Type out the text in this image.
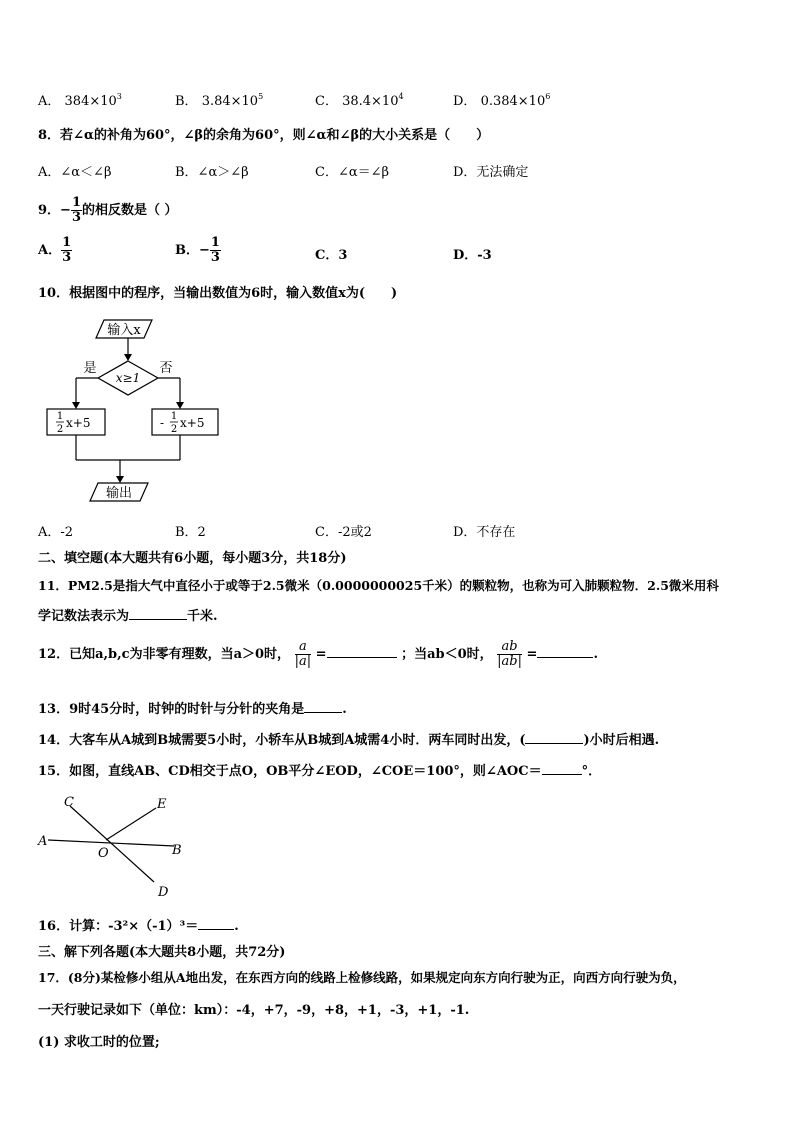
A． $384\times 10^3$	B． $3.84\times 10^5$	C． $38.4\times 10^4$	D． $0.384\times 10^6$
8．若∠α的补角为60°，∠β的余角为60°，则∠α和∠β的大小关系是（　　）
A．∠α＜∠β	B．∠α＞∠β	C．∠α＝∠β	D．无法确定
9．− $\frac{1}{3}$ 的相反数是（ ）
A． $\frac{1}{3}$	B．− $\frac{1}{3}$	C．3	D．-3
10．根据图中的程序，当输出数值为6时，输入数值x为(　　)
输入x
x≥1
是	否
1
2 x+5	- 1
2 x+5
输出
A．-2	B．2	C．-2或2	D．不存在
二、填空题(本大题共有6小题，每小题3分，共18分)
11．PM2.5是指大气中直径小于或等于2.5微米（0.0000000025千米）的颗粒物，也称为可入肺颗粒物．2.5微米用科
学记数法表示为	千米.
12．已知a,b,c为非零有理数，当a＞0时， $\frac{a}{|a|}$ =	；当ab＜0时， $\frac{ab}{|ab|}$ =	.
13．9时45分时，时钟的时针与分针的夹角是	.
14．大客车从A城到B城需要5小时，小轿车从B城到A城需4小时．两车同时出发，(	)小时后相遇.
15．如图，直线AB、CD相交于点O，OB平分∠EOD，∠COE＝100°，则∠AOC＝	°．
C	E
A
O	B
D
16．计算：-3²×（-1）³＝	.
三、解下列各题(本大题共8小题，共72分)
17．(8分)某检修小组从A地出发，在东西方向的线路上检修线路，如果规定向东方向行驶为正，向西方向行驶为负，
一天行驶记录如下（单位：km）：-4，+7，-9，+8，+1，-3，+1，-1.
(1) 求收工时的位置;
